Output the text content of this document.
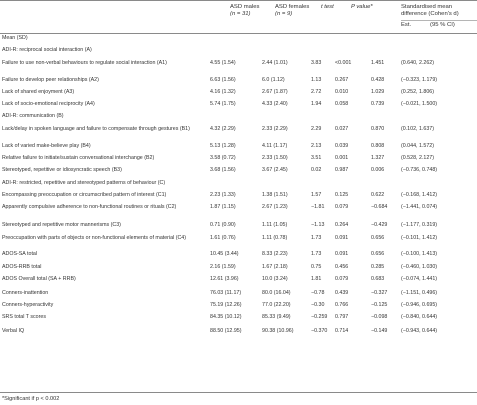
ASD males
(n = 31)
ASD females
(n = 9)
t test	P value*	Standardised mean
difference (Cohen's d)
Est.	(95 % CI)
Mean (SD)
ADI-R: reciprocal social interaction (A)
Failure to use non-verbal behaviours to regulate social interaction (A1)	4.55 (1.54)	2.44 (1.01)	3.83	<0.001	1.451	(0.640, 2.262)
Failure to develop peer relationships (A2)	6.63 (1.56)	6.0 (1.12)	1.13	0.267	0.428	(−0.323, 1.179)
Lack of shared enjoyment (A3)	4.16 (1.32)	2.67 (1.87)	2.72	0.010	1.029	(0.252, 1.806)
Lack of socio-emotional reciprocity (A4)	5.74 (1.75)	4.33 (2.40)	1.94	0.058	0.739	(−0.021, 1.500)
ADI-R: communication (B)
Lack/delay in spoken language and failure to compensate through gestures (B1)	4.32 (2.29)	2.33 (2.29)	2.29	0.027	0.870	(0.102, 1.637)
Lack of varied make-believe play (B4)	5.13 (1.28)	4.11 (1.17)	2.13	0.039	0.808	(0.044, 1.572)
Relative failure to initiate/sustain conversational interchange (B2)	3.58 (0.72)	2.33 (1.50)	3.51	0.001	1.327	(0.528, 2.127)
Stereotyped, repetitive or idiosyncratic speech (B3)	3.68 (1.56)	3.67 (2.45)	0.02	0.987	0.006	(−0.736, 0.748)
ADI-R: restricted, repetitive and stereotyped patterns of behaviour (C)
Encompassing preoccupation or circumscribed pattern of interest (C1)	2.23 (1.33)	1.38 (1.51)	1.57	0.125	0.622	(−0.168, 1.412)
Apparently compulsive adherence to non-functional routines or rituals (C2)	1.87 (1.15)	2.67 (1.23)	−1.81 0.079	−0.684	(−1.441, 0.074)
Stereotyped and repetitive motor mannerisms (C3)	0.71 (0.90)	1.11 (1.05)	−1.13 0.264	−0.429	(−1.177, 0.319)
Preoccupation with parts of objects or non-functional elements of material (C4)	1.61 (0.76)	1.11 (0.78)	1.73	0.091	0.656	(−0.101, 1.412)
ADOS-SA total	10.45 (3.44)	8.33 (2.23)	1.73	0.091	0.656	(−0.100, 1.413)
ADOS-RRB total	2.16 (1.59)	1.67 (2.18)	0.75	0.456	0.285	(−0.460, 1.030)
ADOS Overall total (SA + RRB)	12.61 (3.96)	10.0 (3.24)	1.81	0.079	0.683	(−0.074, 1.441)
Conners-inattention	76.03 (11.17)	80.0 (16.04)	−0.78 0.439	−0.327	(−1.151, 0.496)
Conners-hyperactivity	75.19 (12.26)	77.0 (22.20)	−0.30 0.766	−0.125	(−0.946, 0.695)
SRS total T scores	84.35 (10.12)	85.33 (9.49)	−0.259 0.797	−0.098	(−0.840, 0.644)
Verbal IQ	88.50 (12.95)	90.38 (10.96)	−0.370 0.714	−0.149	(−0.943, 0.644)
*Significant if p < 0.002
